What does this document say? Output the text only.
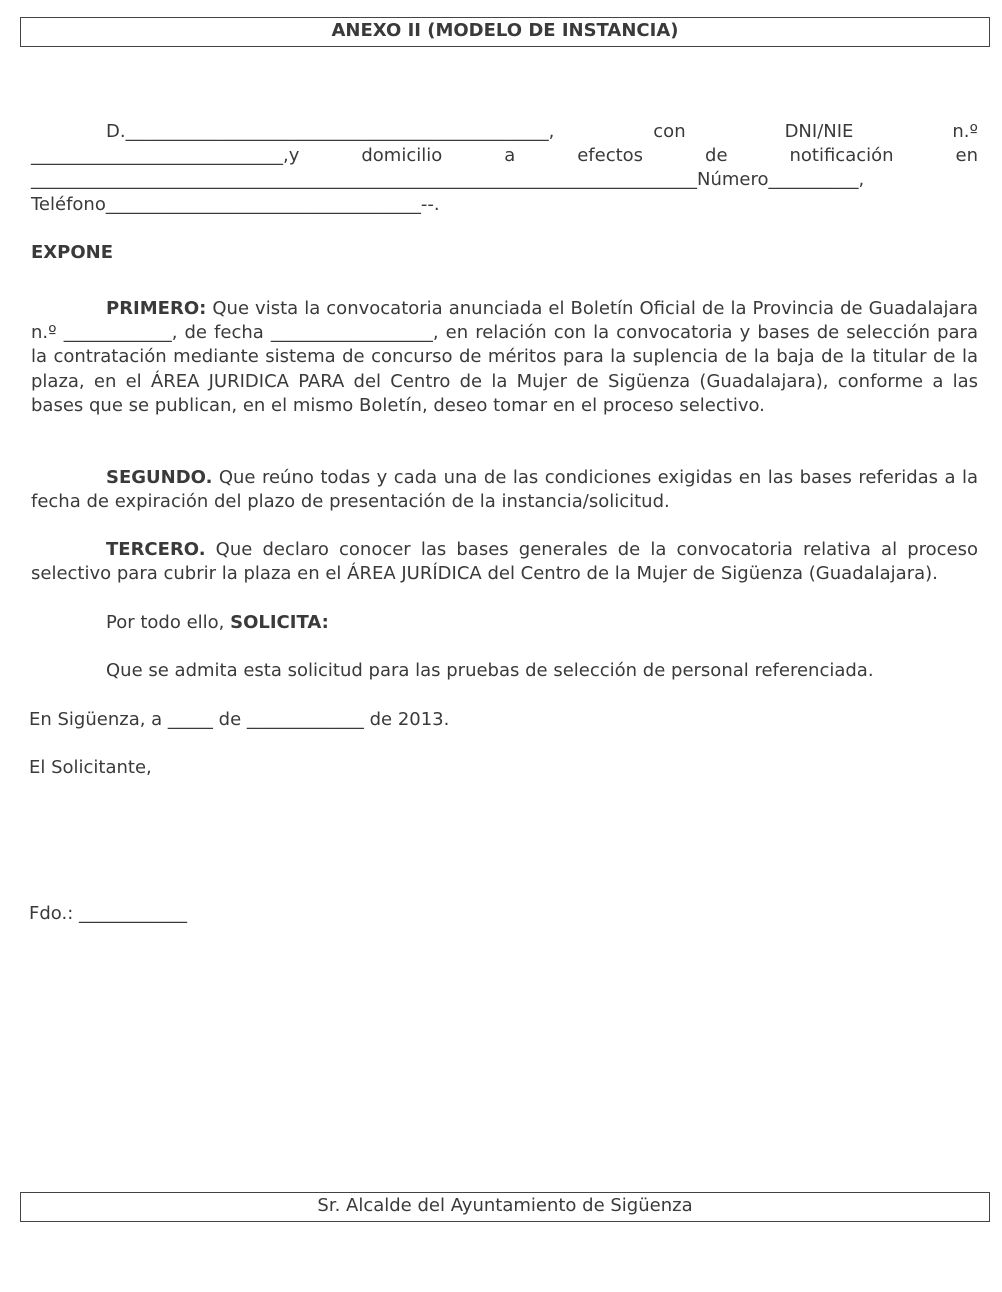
ANEXO II (MODELO DE INSTANCIA)

D._______________________________________________,	con	DNI/NIE	n.º

____________________________,y	domicilio	a	efectos	de	notificación	en

__________________________________________________________________________Número__________,

Teléfono___________________________________--.

EXPONE

PRIMERO: Que vista la convocatoria anunciada el Boletín Oficial de la Provincia de Guadalajara n.º ____________, de fecha __________________, en relación con la convocatoria y bases de selección para la contratación mediante sistema de concurso de méritos para la suplencia de la baja de la titular de la plaza, en el ÁREA JURIDICA PARA del Centro de la Mujer de Sigüenza (Guadalajara), conforme a las bases que se publican, en el mismo Boletín, deseo tomar en el proceso selectivo.

SEGUNDO. Que reúno todas y cada una de las condiciones exigidas en las bases referidas a la fecha de expiración del plazo de presentación de la instancia/solicitud.

TERCERO. Que declaro conocer las bases generales de la convocatoria relativa al proceso selectivo para cubrir la plaza en el ÁREA JURÍDICA del Centro de la Mujer de Sigüenza (Guadalajara).

Por todo ello, SOLICITA:

Que se admita esta solicitud para las pruebas de selección de personal referenciada.

En Sigüenza, a _____ de _____________ de 2013.

El Solicitante,

Fdo.: ____________

Sr. Alcalde del Ayuntamiento de Sigüenza
